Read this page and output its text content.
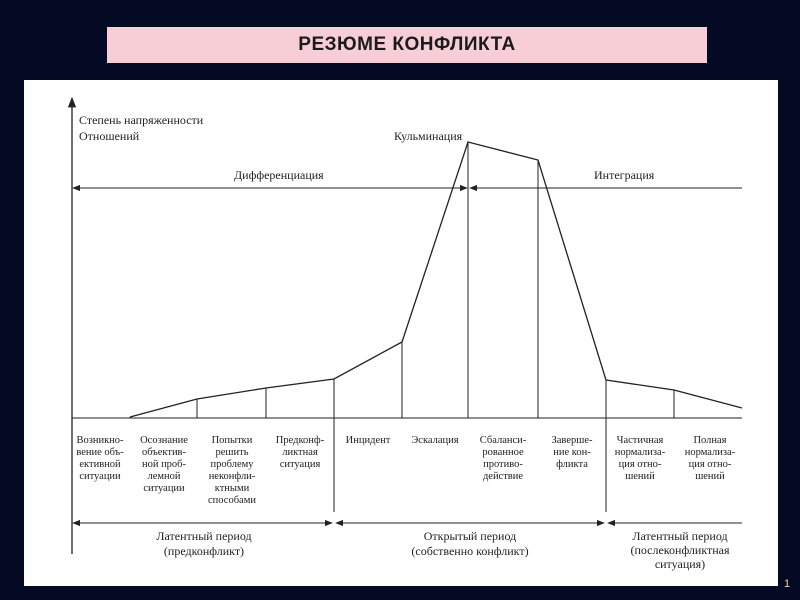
РЕЗЮМЕ КОНФЛИКТА
Степень напряженности
Отношений	Кульминация
Дифференциация	Интеграция
Возникно-вение объ-ективной ситуации
Осознание объектив-ной проб-лемной ситуации
Попытки решить проблему неконфли-ктными способами
Предконф-ликтная ситуация
Инцидент Эскалация Сбаланси-рованное противо-действие
Заверше-ние кон-фликта
Частичная нормализа-ция отно-шений
Полная нормализа-ция отно-шений
Латентный период (предконфликт)
Открытый период (собственно конфликт)
Латентный период (послеконфликтная ситуация)
1
